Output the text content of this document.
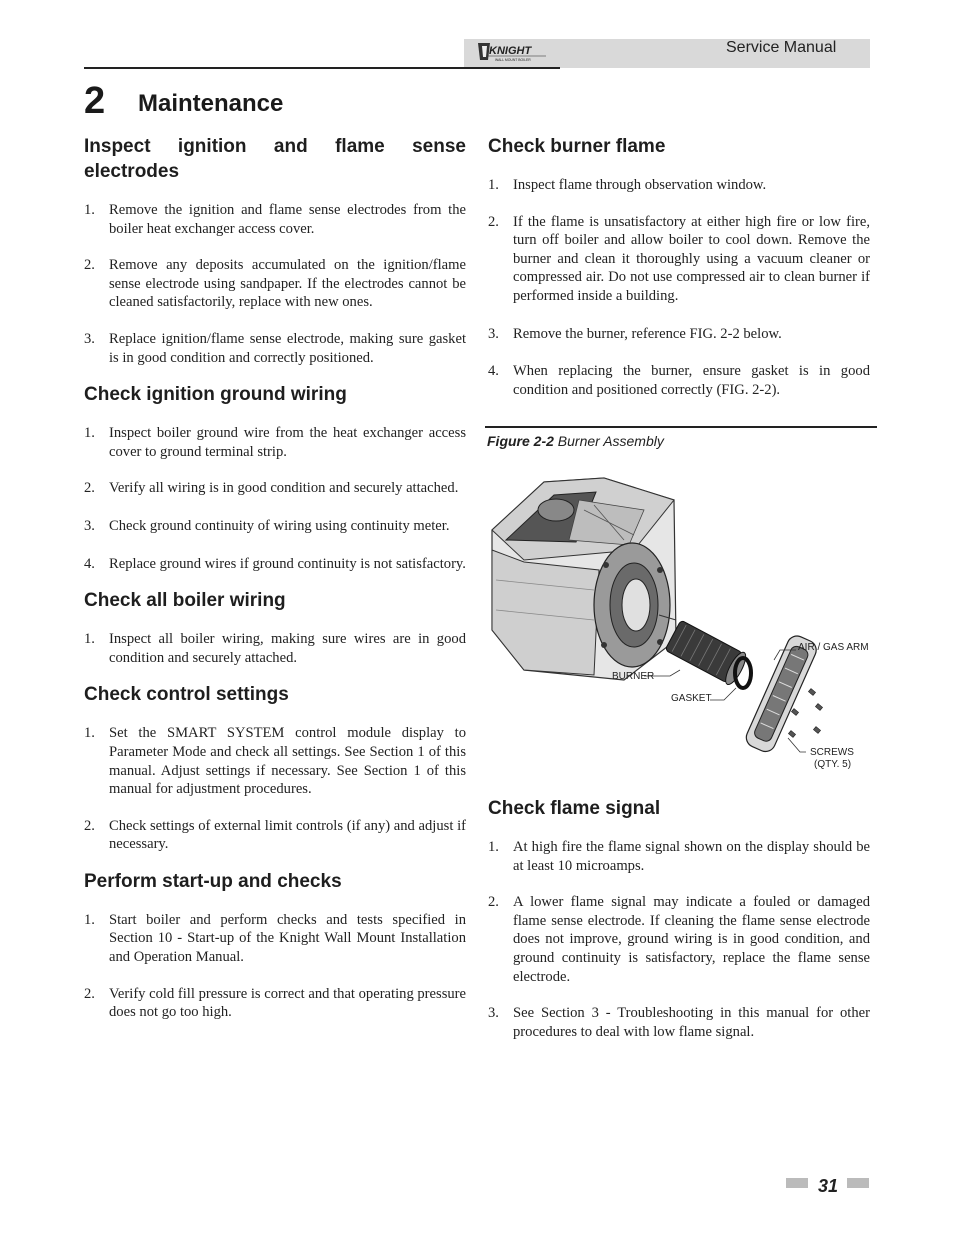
KNIGHT
WALL MOUNT BOILER
Service Manual
2 Maintenance
Inspect ignition and flame sense electrodes
1. Remove the ignition and flame sense electrodes from the boiler heat exchanger access cover.
2. Remove any deposits accumulated on the ignition/flame sense electrode using sandpaper. If the electrodes cannot be cleaned satisfactorily, replace with new ones.
3. Replace ignition/flame sense electrode, making sure gasket is in good condition and correctly positioned.
Check ignition ground wiring
1. Inspect boiler ground wire from the heat exchanger access cover to ground terminal strip.
2. Verify all wiring is in good condition and securely attached.
3. Check ground continuity of wiring using continuity meter.
4. Replace ground wires if ground continuity is not satisfactory.
Check all boiler wiring
1. Inspect all boiler wiring, making sure wires are in good condition and securely attached.
Check control settings
1. Set the SMART SYSTEM control module display to Parameter Mode and check all settings. See Section 1 of this manual. Adjust settings if necessary. See Section 1 of this manual for adjustment procedures.
2. Check settings of external limit controls (if any) and adjust if necessary.
Perform start-up and checks
1. Start boiler and perform checks and tests specified in Section 10 - Start-up of the Knight Wall Mount Installation and Operation Manual.
2. Verify cold fill pressure is correct and that operating pressure does not go too high.
Check burner flame
1. Inspect flame through observation window.
2. If the flame is unsatisfactory at either high fire or low fire, turn off boiler and allow boiler to cool down. Remove the burner and clean it thoroughly using a vacuum cleaner or compressed air. Do not use compressed air to clean burner if performed inside a building.
3. Remove the burner, reference FIG. 2-2 below.
4. When replacing the burner, ensure gasket is in good condition and positioned correctly (FIG. 2-2).
Figure 2-2 Burner Assembly
AIR / GAS ARM
BURNER
GASKET
SCREWS
(QTY. 5)
Check flame signal
1. At high fire the flame signal shown on the display should be at least 10 microamps.
2. A lower flame signal may indicate a fouled or damaged flame sense electrode. If cleaning the flame sense electrode does not improve, ground wiring is in good condition, and ground continuity is satisfactory, replace the flame sense electrode.
3. See Section 3 - Troubleshooting in this manual for other procedures to deal with low flame signal.
31
